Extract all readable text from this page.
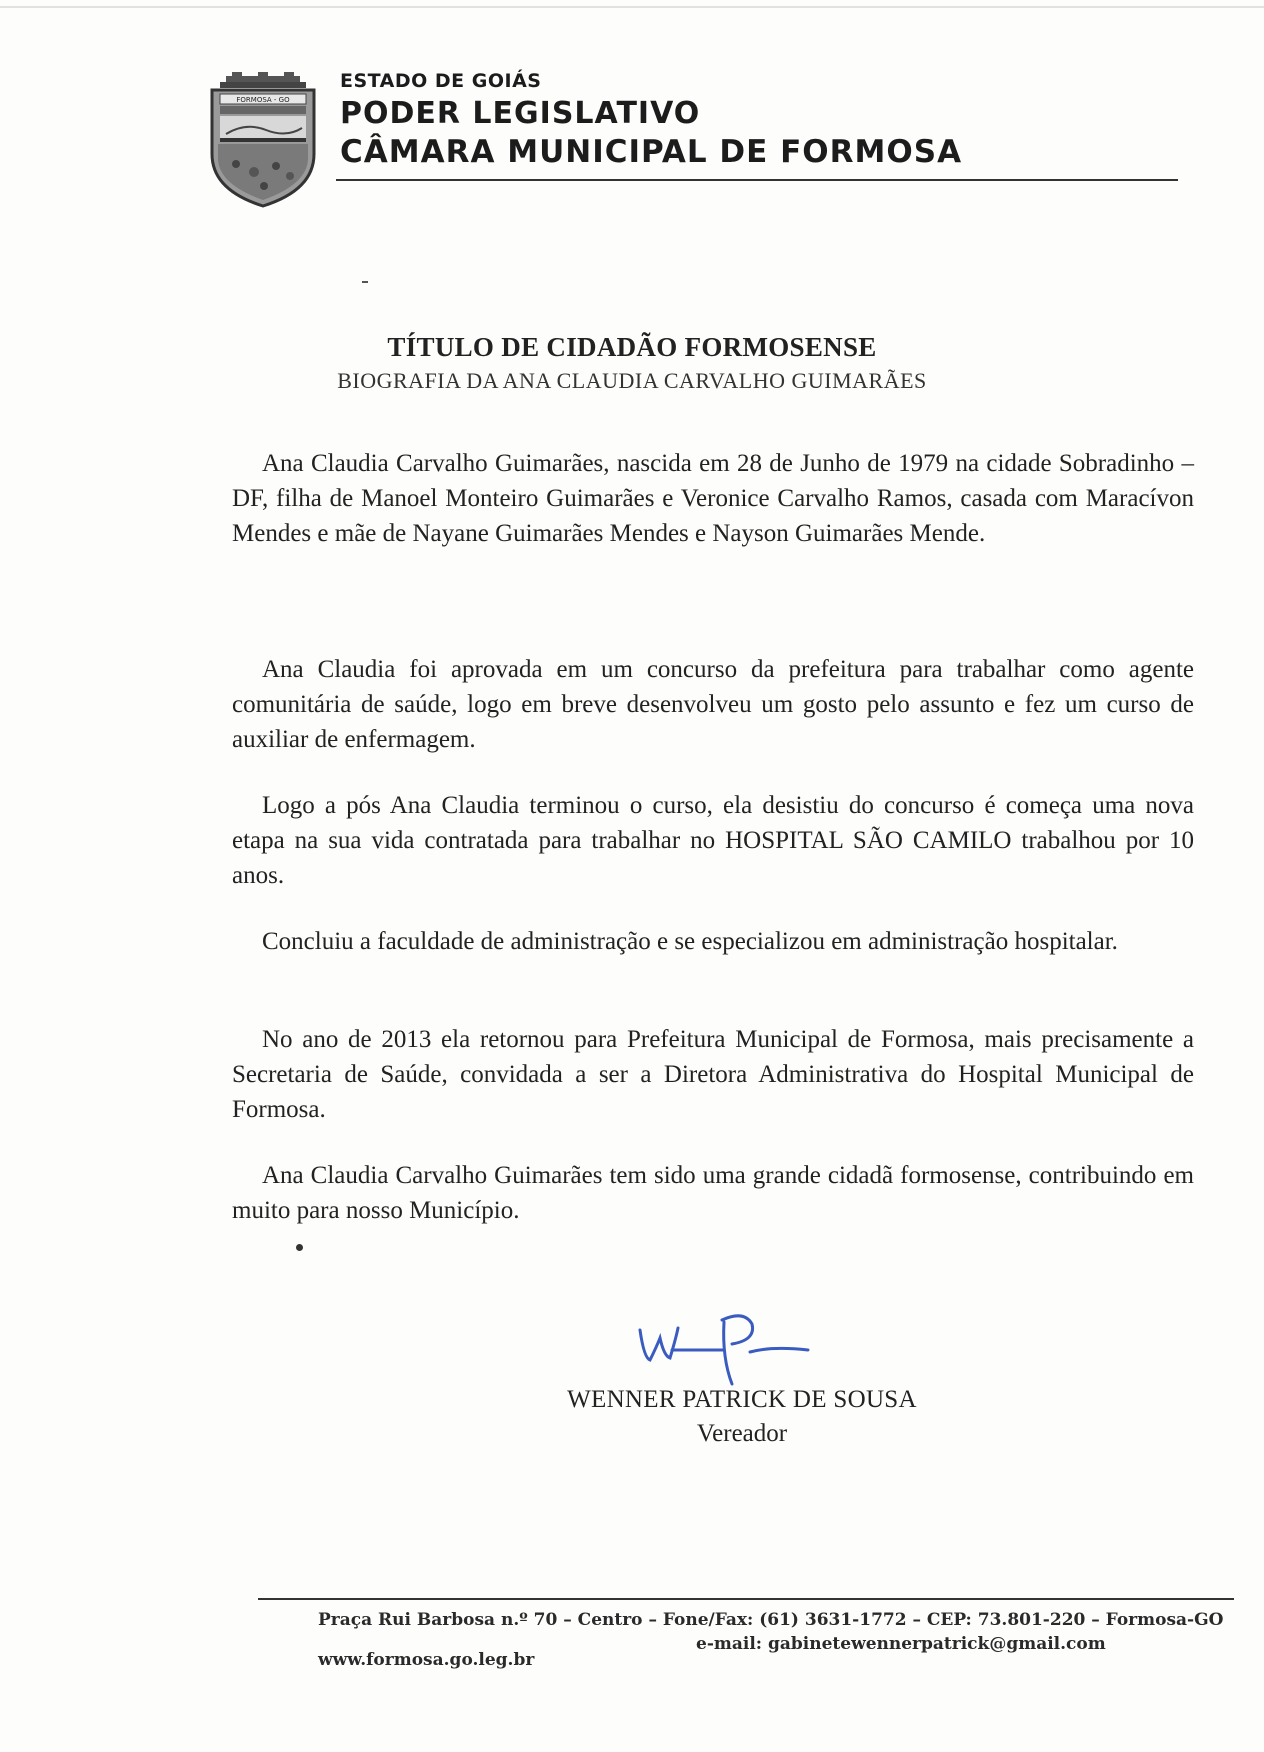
FORMOSA - GO
ESTADO DE GOIÁS
PODER LEGISLATIVO
CÂMARA MUNICIPAL DE FORMOSA
TÍTULO DE CIDADÃO FORMOSENSE
BIOGRAFIA DA ANA CLAUDIA CARVALHO GUIMARÃES

Ana Claudia Carvalho Guimarães, nascida em 28 de Junho de 1979 na cidade Sobradinho – DF, filha de Manoel Monteiro Guimarães e Veronice Carvalho Ramos, casada com Maracívon Mendes e mãe de Nayane Guimarães Mendes e Nayson Guimarães Mende.

Ana Claudia foi aprovada em um concurso da prefeitura para trabalhar como agente comunitária de saúde, logo em breve desenvolveu um gosto pelo assunto e fez um curso de auxiliar de enfermagem.

Logo a pós Ana Claudia terminou o curso, ela desistiu do concurso é começa uma nova etapa na sua vida contratada para trabalhar no HOSPITAL SÃO CAMILO trabalhou por 10 anos.

Concluiu a faculdade de administração e se especializou em administração hospitalar.

No ano de 2013 ela retornou para Prefeitura Municipal de Formosa, mais precisamente a Secretaria de Saúde, convidada a ser a Diretora Administrativa do Hospital Municipal de Formosa.

Ana Claudia Carvalho Guimarães tem sido uma grande cidadã formosense, contribuindo em muito para nosso Município.

WENNER PATRICK DE SOUSA
Vereador
Praça Rui Barbosa n.º 70 – Centro – Fone/Fax: (61) 3631-1772 – CEP: 73.801-220 – Formosa-GO
e-mail: gabinetewennerpatrick@gmail.com
www.formosa.go.leg.br
